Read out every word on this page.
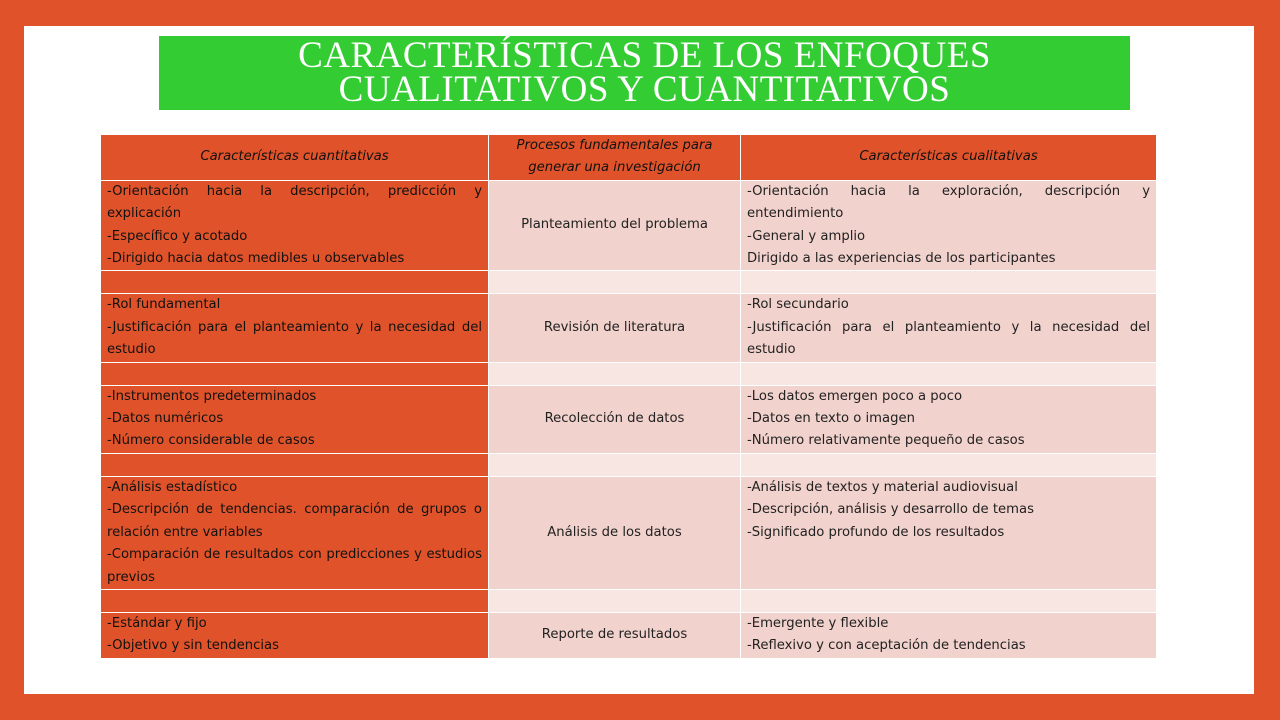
CARACTERÍSTICAS DE LOS ENFOQUES
CUALITATIVOS Y CUANTITATIVOS
Características cuantitativas	Procesos fundamentales para generar una investigación	Características cualitativas

-Orientación hacia la descripción, predicción y explicación
-Específico y acotado
-Dirigido hacia datos medibles u observables	Planteamiento del problema	-Orientación hacia la exploración, descripción y entendimiento
-General y amplio
Dirigido a las experiencias de los participantes

-Rol fundamental
-Justificación para el planteamiento y la necesidad del estudio	Revisión de literatura	-Rol secundario
-Justificación para el planteamiento y la necesidad del estudio

-Instrumentos predeterminados
-Datos numéricos
-Número considerable de casos	Recolección de datos	-Los datos emergen poco a poco
-Datos en texto o imagen
-Número relativamente pequeño de casos

-Análisis estadístico
-Descripción de tendencias. comparación de grupos o relación entre variables
-Comparación de resultados con predicciones y estudios previos	Análisis de los datos	-Análisis de textos y material audiovisual
-Descripción, análisis y desarrollo de temas
-Significado profundo de los resultados

-Estándar y fijo
-Objetivo y sin tendencias	Reporte de resultados	-Emergente y flexible
-Reflexivo y con aceptación de tendencias
